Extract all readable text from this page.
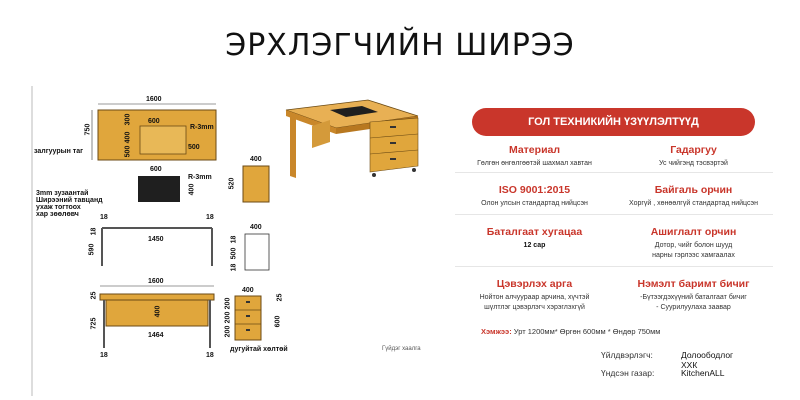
ЭРХЛЭГЧИЙН ШИРЭЭ
1600
750
600
300
R-3mm
500
400
500
залгуурын таг
600
R-3mm
400
3mm зузаантай
Ширээний тавцанд
ухаж тогтоох
хар зөөлөвч	18	18
18
1450
590
1600
25
400
725
1464
18	18
400
520
400
18
500
18
400
25
200
200
200
600
дугуйтай хөлтөй	Гүйдэг хаалга
ГОЛ ТЕХНИКИЙН ҮЗҮҮЛЭЛТҮҮД
Материал
Гөлгөн өнгөлгөөтэй шахмал хавтан
Гадаргуу
Ус чийгэнд тэсвэртэй
ISO 9001:2015
Олон улсын стандартад нийцсэн
Байгаль орчин
Хоргүй , хөнөөлгүй стандартад нийцсэн
Баталгаат хугацаа
12 сар
Ашиглалт орчин
Дотор, чийг болон шууд
нарны гэрлээс хамгаалах
Цэвэрлэх арга
Нойтон алчуураар арчина, хүчтэй
шүлтлэг цэвэрлэгч хэрэглэхгүй
Нэмэлт баримт бичиг
-Бүтээгдэхүүний баталгаат бичиг
- Суурилуулаха заавар
Хэмжээ: Урт 1200мм* Өргөн 600мм * Өндөр 750мм
Үйлдвэрлэгч:	Долоободлог ХХК
Үндсэн газар:	KitchenALL
